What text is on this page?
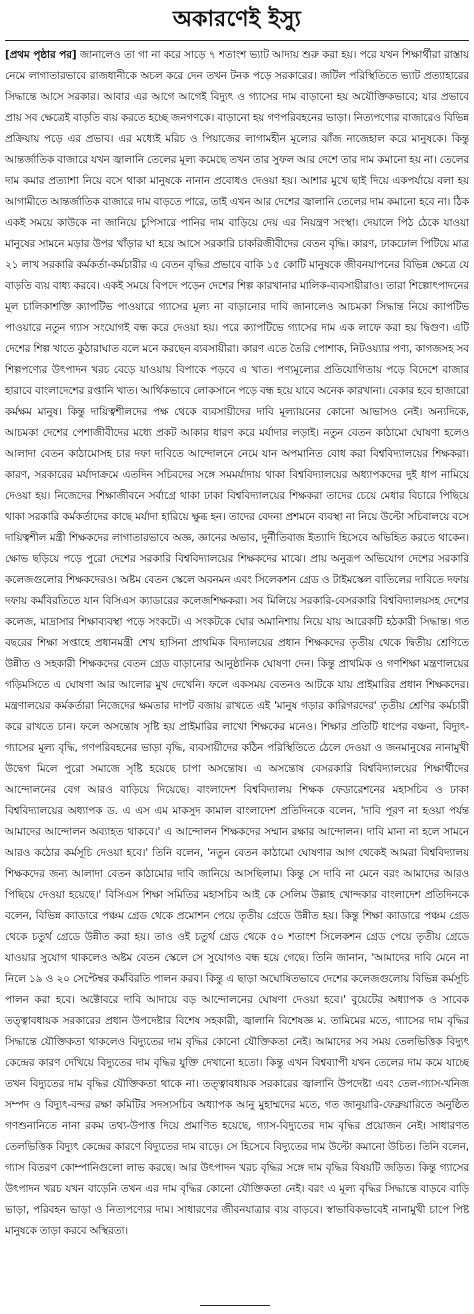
অকারণেই ইস্যু

[প্রথম পৃষ্ঠার পর] জানালেও তা গা না করে সাড়ে ৭ শতাংশ ভ্যাট আদায় শুরু করা হয়। পরে যখন শিক্ষার্থীরা রাস্তায় নেমে লাগাতারভাবে রাজধানীকে অচল করে দেন তখন টনক পড়ে সরকারের। জটিল পরিস্থিতিতে ভ্যাট প্রত্যাহারের সিদ্ধান্তে আসে সরকার। আবার এর আগে আগেই বিদ্যুৎ ও গ্যাসের দাম বাড়ানো হয় অযৌক্তিকভাবে; যার প্রভাবে প্রায় সব ক্ষেত্রেই বাড়তি ব্যয় করতে হচ্ছে জনগণকে। বাড়ানো হয় গণপরিবহনের ভাড়া। নিত্যপণ্যের বাজারেও বিভিন্ন প্রক্রিয়ায় পড়ে এর প্রভাব। এর মধ্যেই মরিচ ও পিয়াজের লাগামহীন মূল্যের ঝাঁজ নাজেহাল করে মানুষকে। কিন্তু আন্তর্জাতিক বাজারে যখন জ্বালানি তেলের মূল্য কমেছে তখন তার সুফল আর দেশে তার দাম কমানো হয় না। তেলের দাম কমার প্রত্যাশা নিয়ে বসে থাকা মানুষকে নানান প্রবোধও দেওয়া হয়। আশার মুখে ছাই দিয়ে একপর্যায়ে বলা হয় আগামীতে আন্তর্জাতিক বাজারে দাম বাড়তে পারে, তাই এখন আর দেশের জ্বালানি তেলের দাম কমানো হবে না। ঠিক একই সময়ে কাউকে না জানিয়ে চুপিসারে পানির দাম বাড়িয়ে দেয় এর নিয়ন্ত্রণ সংস্থা। দেয়ালে পিঠ ঠেকে যাওয়া মানুষের সামনে মড়ার উপর খাঁড়ার ঘা হয়ে আসে সরকারি চাকরিজীবীদের বেতন বৃদ্ধি। কারণ, ঢাকঢোল পিটিয়ে মাত্র ২১ লাখ সরকারি কর্মকর্তা-কর্মচারীর এ বেতন বৃদ্ধির প্রভাবে বাকি ১৫ কোটি মানুষকে জীবনযাপনের বিভিন্ন ক্ষেত্রে যে বাড়তি ব্যয় বাধ্য করবে। একই সময়ে বিপদে পড়েন দেশের শিল্প কারখানার মালিক-ব্যবসায়ীরাও। তারা শিল্পোৎপাদনের মূল চালিকাশক্তি ক্যাপটিভ পাওয়ারে গ্যাসের মূল্য না বাড়ানোর দাবি জানালেও আচমকা সিদ্ধান্ত নিয়ে ক্যাপটিভ পাওয়ারে নতুন গ্যাস সংযোগই বন্ধ করে দেওয়া হয়। পরে ক্যাপটিভে গ্যাসের দাম এক লাফে করা হয় দ্বিগুণ। এটি দেশের শিল্প খাতে কুঠারাঘাত বলে মনে করছেন ব্যবসায়ীরা। কারণ এতে তৈরি পোশাক, নিটওয়্যার পণ্য, কাগজসহ সব শিল্পপণ্যের উৎপাদন খরচ বেড়ে যাওয়ায় বিপাকে পড়বে এ খাত। পণ্যমূল্যের প্রতিযোগিতায় পড়ে বিদেশে বাজার হারাবে বাংলাদেশের রপ্তানি খাত। আর্থিকভাবে লোকসানে পড়ে বন্ধ হয়ে যাবে অনেক কারখানা। বেকার হবে হাজারো কর্মক্ষম মানুষ। কিন্তু দায়িত্বশীলদের পক্ষ থেকে ব্যবসায়ীদের দাবি মূল্যায়নের কোনো আভাসও নেই। অন্যদিকে, আচমকা দেশের পেশাজীবীদের মধ্যে প্রকট আকার ধারণ করে মর্যাদার লড়াই। নতুন বেতন কাঠামো ঘোষণা হলেও আলাদা বেতন কাঠামোসহ চার দফা দাবিতে আন্দোলনে নেমে যান অপমানিত বোধ করা বিশ্ববিদ্যালয়ের শিক্ষকরা। কারণ, সরকারের মর্যাদাক্রমে এতদিন সচিবদের সঙ্গে সমমর্যাদায় থাকা বিশ্ববিদ্যালয়ের অধ্যাপকদের দুই ধাপ নামিয়ে দেওয়া হয়। নিজেদের শিক্ষাজীবনে সর্বাগ্রে থাকা ঢাকা বিশ্ববিদ্যালয়ের শিক্ষকরা তাদের চেয়ে মেধার বিচারে পিছিয়ে থাকা সরকারি কর্মকর্তাদের কাছে মর্যাদা হারিয়ে ক্ষুব্ধ হন। তাদের বেদনা প্রশমনে ব্যবস্থা না নিয়ে উল্টো সচিবালয়ে বসে দায়িত্বশীল মন্ত্রী শিক্ষকদের লাগাতারভাবে অজ্ঞ, জ্ঞানের অভাব, দুর্নীতিবাজ ইত্যাদি হিসেবে অভিহিত করতে থাকেন। ক্ষোভ ছড়িয়ে পড়ে পুরো দেশের সরকারি বিশ্ববিদ্যালয়ের শিক্ষকদের মাঝে। প্রায় অনুরূপ অভিযোগ দেশের সরকারি কলেজগুলোর শিক্ষকদেরও। অষ্টম বেতন স্কেলে অবনমন এবং সিলেকশন গ্রেড ও টাইমস্কেল বাতিলের দাবিতে দফায় দফায় কর্মবিরতিতে যান বিসিএস ক্যাডারের কলেজশিক্ষকরা। সব মিলিয়ে সরকারি-বেসরকারি বিশ্ববিদ্যালয়সহ দেশের কলেজ, মাদ্রাসার শিক্ষাব্যবস্থা পড়ে সংকটে। এ সংকটকে ঘোর অমানিশায় নিয়ে যায় আরেকটি হঠকারী সিদ্ধান্ত। গত বছরের শিক্ষা সপ্তাহে প্রধানমন্ত্রী শেখ হাসিনা প্রাথমিক বিদ্যালয়ের প্রধান শিক্ষকদের তৃতীয় থেকে দ্বিতীয় শ্রেণিতে উন্নীত ও সহকারী শিক্ষকদের বেতন গ্রেড বাড়ানোর আনুষ্ঠানিক ঘোষণা দেন। কিন্তু প্রাথমিক ও গণশিক্ষা মন্ত্রণালয়ের গড়িমসিতে এ ঘোষণা আর আলোর মুখ দেখেনি। ফলে একসময় বেতনও আটকে যায় প্রাইমারির প্রধান শিক্ষকদের। মন্ত্রণালয়ের কর্মকর্তারা নিজেদের ক্ষমতার দাপট বজায় রাখতে এই 'মানুষ গড়ার কারিগরদের' তৃতীয় শ্রেণির কর্মচারী করে রাখতে চান। ফলে অসন্তোষ সৃষ্টি হয় প্রাইমারির লাখো শিক্ষকের মনেও। শিক্ষার প্রতিটি ধাপের বঞ্চনা, বিদ্যুৎ-গ্যাসের মূল্য বৃদ্ধি, গণপরিবহনের ভাড়া বৃদ্ধি, ব্যবসায়ীদের কঠিন পরিস্থিতিতে ঠেলে দেওয়া ও জনমানুষের নানামুখী উদ্বেগ মিলে পুরো সমাজে সৃষ্টি হয়েছে চাপা অসন্তোষ। এ অসন্তোষ বেসরকারি বিশ্ববিদ্যালয়ের শিক্ষার্থীদের আন্দোলনের বেগ আরও বাড়িয়ে দিয়েছে। বাংলাদেশ বিশ্ববিদ্যালয় শিক্ষক ফেডারেশনের মহাসচিব ও ঢাকা বিশ্ববিদ্যালয়ের অধ্যাপক ড. এ এস এম মাকসুদ কামাল বাংলাদেশ প্রতিদিনকে বলেন, 'দাবি পূরণ না হওয়া পর্যন্ত আমাদের আন্দোলন অব্যাহত থাকবে।' এ আন্দোলন শিক্ষকদের সম্মান রক্ষার আন্দোলন। দাবি মানা না হলে সামনে আরও কঠোর কর্মসূচি দেওয়া হবে।' তিনি বলেন, 'নতুন বেতন কাঠামো ঘোষণার আগ থেকেই আমরা বিশ্ববিদ্যালয় শিক্ষকদের জন্য আলাদা বেতন কাঠামোর দাবি জানিয়ে আসছিলাম। কিন্তু সে দাবি না মেনে বরং আমাদের আরও পিছিয়ে দেওয়া হয়েছে।' বিসিএস শিক্ষা সমিতির মহাসচিব আই কে সেলিম উল্লাহ খোন্দকার বাংলাদেশ প্রতিদিনকে বলেন, বিভিন্ন ক্যাডারে পঞ্চম গ্রেড থেকে প্রমোশন পেয়ে তৃতীয় গ্রেডে উন্নীত হয়। কিন্তু শিক্ষা ক্যাডারে পঞ্চম গ্রেড থেকে চতুর্থ গ্রেডে উন্নীত করা হয়। তাও ওই চতুর্থ গ্রেড থেকে ৫০ শতাংশ সিলেকশন গ্রেড পেয়ে তৃতীয় গ্রেডে যাওয়ার সুযোগ থাকলেও অষ্টম বেতন স্কেলে সে সুযোগও বন্ধ হয়ে গেছে। তিনি জানান, 'আমাদের দাবি মেনে না নিলে ১৯ ও ২০ সেপ্টেম্বর কর্মবিরতি পালন করব। কিন্তু এ ছাড়া অঘোষিতভাবে দেশের কলেজগুলোয় বিভিন্ন কর্মসূচি পালন করা হবে। অক্টোবরে দাবি আদায়ে বড় আন্দোলনের ঘোষণা দেওয়া হবে।' বুয়েটের অধ্যাপক ও সাবেক তত্ত্বাবধায়ক সরকারের প্রধান উপদেষ্টার বিশেষ সহকারী, জ্বালানি বিশেষজ্ঞ ম. তামিমের মতে, গ্যাসের দাম বৃদ্ধির সিদ্ধান্তে যৌক্তিকতা থাকলেও বিদ্যুতের দাম বৃদ্ধির কোনো যৌক্তিকতা নেই। আমাদের সব সময় তেলভিত্তিক বিদ্যুৎ কেন্দ্রের কারণ দেখিয়ে বিদ্যুতের দাম বৃদ্ধির যুক্তি দেখানো হতো। কিন্তু এখন বিশ্বব্যাপী যখন তেলের দাম কমে যাচ্ছে তখন বিদ্যুতের দাম বৃদ্ধির যৌক্তিকতা থাকে না। তত্ত্বাবধায়ক সরকারের জ্বালানি উপদেষ্টা এবং তেল-গ্যাস-খনিজ সম্পদ ও বিদ্যুৎ-বন্দর রক্ষা কমিটির সদস্যসচিব অধ্যাপক আনু মুহাম্মদের মতে, গত জানুয়ারি-ফেব্রুয়ারিতে অনুষ্ঠিত গণশুনানিতে নানা রকম তথ্য-উপাত্ত দিয়ে প্রমাণিত হয়েছে, গ্যাস-বিদ্যুতের দাম বৃদ্ধির প্রয়োজন নেই। সাধারণত তেলভিত্তিক বিদ্যুৎ কেন্দ্রের কারণে বিদ্যুতের দাম বাড়ে। সে হিসেবে বিদ্যুতের দাম উল্টো কমানো উচিত। তিনি বলেন, গ্যাস বিতরণ কোম্পানিগুলো লাভ করছে। আর উৎপাদন খরচ বৃদ্ধির সঙ্গে দাম বৃদ্ধির বিষয়টি জড়িত। কিন্তু গ্যাসের উৎপাদন খরচ যখন বাড়েনি তখন এর দাম বৃদ্ধির কোনো যৌক্তিকতা নেই। বরং এ মূল্য বৃদ্ধির সিদ্ধান্তে বাড়বে বাড়ি ভাড়া, পরিবহন ভাড়া ও নিত্যপণ্যের দাম। সাধারণের জীবনযাত্রার ব্যয় বাড়বে। স্বাভাবিকভাবেই নানামুখী চাপে পিষ্ট মানুষকে তাড়া করবে অস্থিরতা।
